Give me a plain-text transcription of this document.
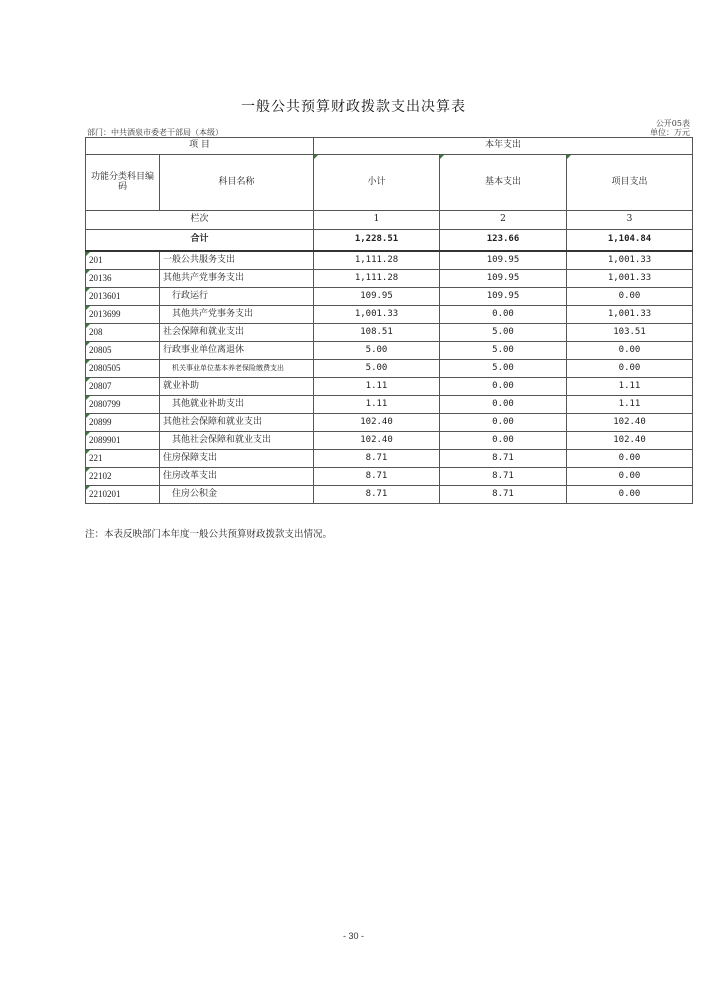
一般公共预算财政拨款支出决算表
公开05表
部门：中共酒泉市委老干部局（本级）	单位：万元
项 目		本年支出		
功能分类科目编码	科目名称	小计	基本支出	项目支出
栏次		1	2	3
合计		1,228.51	123.66	1,104.84

201	一般公共服务支出	1,111.28	109.95	1,001.33

20136	其他共产党事务支出	1,111.28	109.95	1,001.33

2013601	行政运行	109.95	109.95	0.00

2013699	其他共产党事务支出	1,001.33	0.00	1,001.33

208	社会保障和就业支出	108.51	5.00	103.51

20805	行政事业单位离退休	5.00	5.00	0.00

2080505	机关事业单位基本养老保险缴费支出	5.00	5.00	0.00

20807	就业补助	1.11	0.00	1.11

2080799	其他就业补助支出	1.11	0.00	1.11

20899	其他社会保障和就业支出	102.40	0.00	102.40

2089901	其他社会保障和就业支出	102.40	0.00	102.40

221	住房保障支出	8.71	8.71	0.00

22102	住房改革支出	8.71	8.71	0.00

2210201	住房公积金	8.71	8.71	0.00
注：本表反映部门本年度一般公共预算财政拨款支出情况。
- 30 -
